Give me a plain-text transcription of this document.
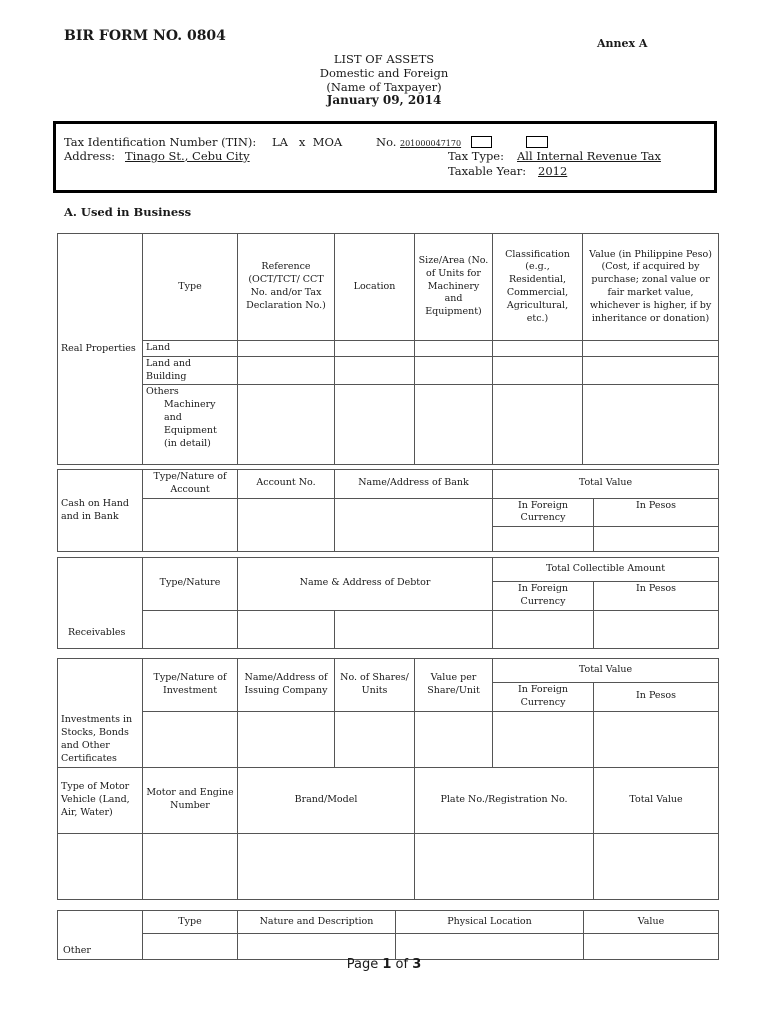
BIR FORM NO. 0804	Annex A
LIST OF ASSETS
Domestic and Foreign
(Name of Taxpayer)
January 09, 2014
Tax Identification Number (TIN): LA   x  MOA	No. 201000047170
Address: Tinago St., Cebu City	Tax Type: All Internal Revenue Tax
Taxable Year: 2012
A. Used in Business
Real Properties	Type	Reference (OCT/TCT/ CCT No. and/or Tax Declaration No.)	Location	Size/Area (No. of Units for Machinery and Equipment)	Classification (e.g., Residential, Commercial, Agricultural, etc.)	Value (in Philippine Peso) (Cost, if acquired by purchase; zonal value or fair market value, whichever is higher, if by inheritance or donation)
	Land					
	Land and Building					

	Others
Machinery and Equipment (in detail)					

Cash on Hand and in Bank	Type/Nature of Account	Account No.	Name/Address of Bank	Total Value	
				In Foreign Currency	In Pesos

Receivables	Type/Nature	Name & Address of Debtor		Total Collectible Amount	
				In Foreign Currency	In Pesos

Investments in Stocks, Bonds and Other Certificates	Type/Nature of Investment	Name/Address of Issuing Company	No. of Shares/ Units	Value per Share/Unit	Total Value	
					In Foreign Currency	In Pesos

Type of Motor Vehicle (Land, Air, Water)	Motor and Engine Number	Brand/Model		Plate No./Registration No.		Total Value

Other	Type	Nature and Description	Physical Location	Value

Page 1 of 3
